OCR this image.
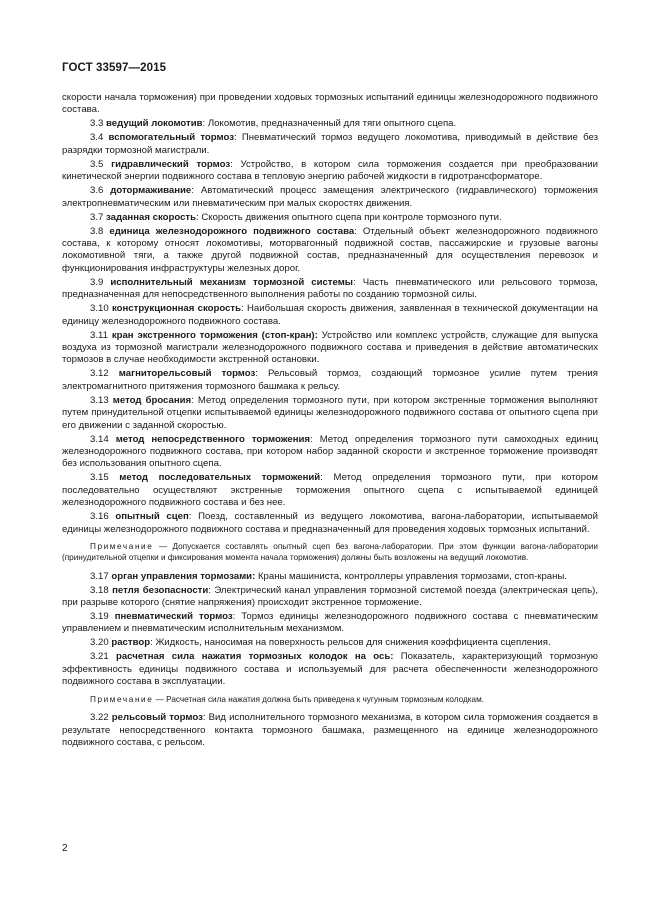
ГОСТ 33597—2015

скорости начала торможения) при проведении ходовых тормозных испытаний единицы железнодорожного подвижного состава.

3.3 ведущий локомотив: Локомотив, предназначенный для тяги опытного сцепа.

3.4 вспомогательный тормоз: Пневматический тормоз ведущего локомотива, приводимый в действие без разрядки тормозной магистрали.

3.5 гидравлический тормоз: Устройство, в котором сила торможения создается при преобразовании кинетической энергии подвижного состава в тепловую энергию рабочей жидкости в гидротрансформаторе.

3.6 дотормаживание: Автоматический процесс замещения электрического (гидравлического) торможения электропневматическим или пневматическим при малых скоростях движения.

3.7 заданная скорость: Скорость движения опытного сцепа при контроле тормозного пути.

3.8 единица железнодорожного подвижного состава: Отдельный объект железнодорожного подвижного состава, к которому относят локомотивы, моторвагонный подвижной состав, пассажирские и грузовые вагоны локомотивной тяги, а также другой подвижной состав, предназначенный для осуществления перевозок и функционирования инфраструктуры железных дорог.

3.9 исполнительный механизм тормозной системы: Часть пневматического или рельсового тормоза, предназначенная для непосредственного выполнения работы по созданию тормозной силы.

3.10 конструкционная скорость: Наибольшая скорость движения, заявленная в технической документации на единицу железнодорожного подвижного состава.

3.11 кран экстренного торможения (стоп-кран): Устройство или комплекс устройств, служащие для выпуска воздуха из тормозной магистрали железнодорожного подвижного состава и приведения в действие автоматических тормозов в случае необходимости экстренной остановки.

3.12 магниторельсовый тормоз: Рельсовый тормоз, создающий тормозное усилие путем трения электромагнитного притяжения тормозного башмака к рельсу.

3.13 метод бросания: Метод определения тормозного пути, при котором экстренные торможения выполняют путем принудительной отцепки испытываемой единицы железнодорожного подвижного состава от опытного сцепа при его движении с заданной скоростью.

3.14 метод непосредственного торможения: Метод определения тормозного пути самоходных единиц железнодорожного подвижного состава, при котором набор заданной скорости и экстренное торможение производят без использования опытного сцепа.

3.15 метод последовательных торможений: Метод определения тормозного пути, при котором последовательно осуществляют экстренные торможения опытного сцепа с испытываемой единицей железнодорожного подвижного состава и без нее.

3.16 опытный сцеп: Поезд, составленный из ведущего локомотива, вагона-лаборатории, испытываемой единицы железнодорожного подвижного состава и предназначенный для проведения ходовых тормозных испытаний.

Примечание — Допускается составлять опытный сцеп без вагона-лаборатории. При этом функции вагона-лаборатории (принудительной отцепки и фиксирования момента начала торможения) должны быть возложены на ведущий локомотив.

3.17 орган управления тормозами: Краны машиниста, контроллеры управления тормозами, стоп-краны.

3.18 петля безопасности: Электрический канал управления тормозной системой поезда (электрическая цепь), при разрыве которого (снятие напряжения) происходит экстренное торможение.

3.19 пневматический тормоз: Тормоз единицы железнодорожного подвижного состава с пневматическим управлением и пневматическим исполнительным механизмом.

3.20 раствор: Жидкость, наносимая на поверхность рельсов для снижения коэффициента сцепления.

3.21 расчетная сила нажатия тормозных колодок на ось: Показатель, характеризующий тормозную эффективность единицы подвижного состава и используемый для расчета обеспеченности железнодорожного подвижного состава в эксплуатации.

Примечание — Расчетная сила нажатия должна быть приведена к чугунным тормозным колодкам.

3.22 рельсовый тормоз: Вид исполнительного тормозного механизма, в котором сила торможения создается в результате непосредственного контакта тормозного башмака, размещенного на единице железнодорожного подвижного состава, с рельсом.

2
